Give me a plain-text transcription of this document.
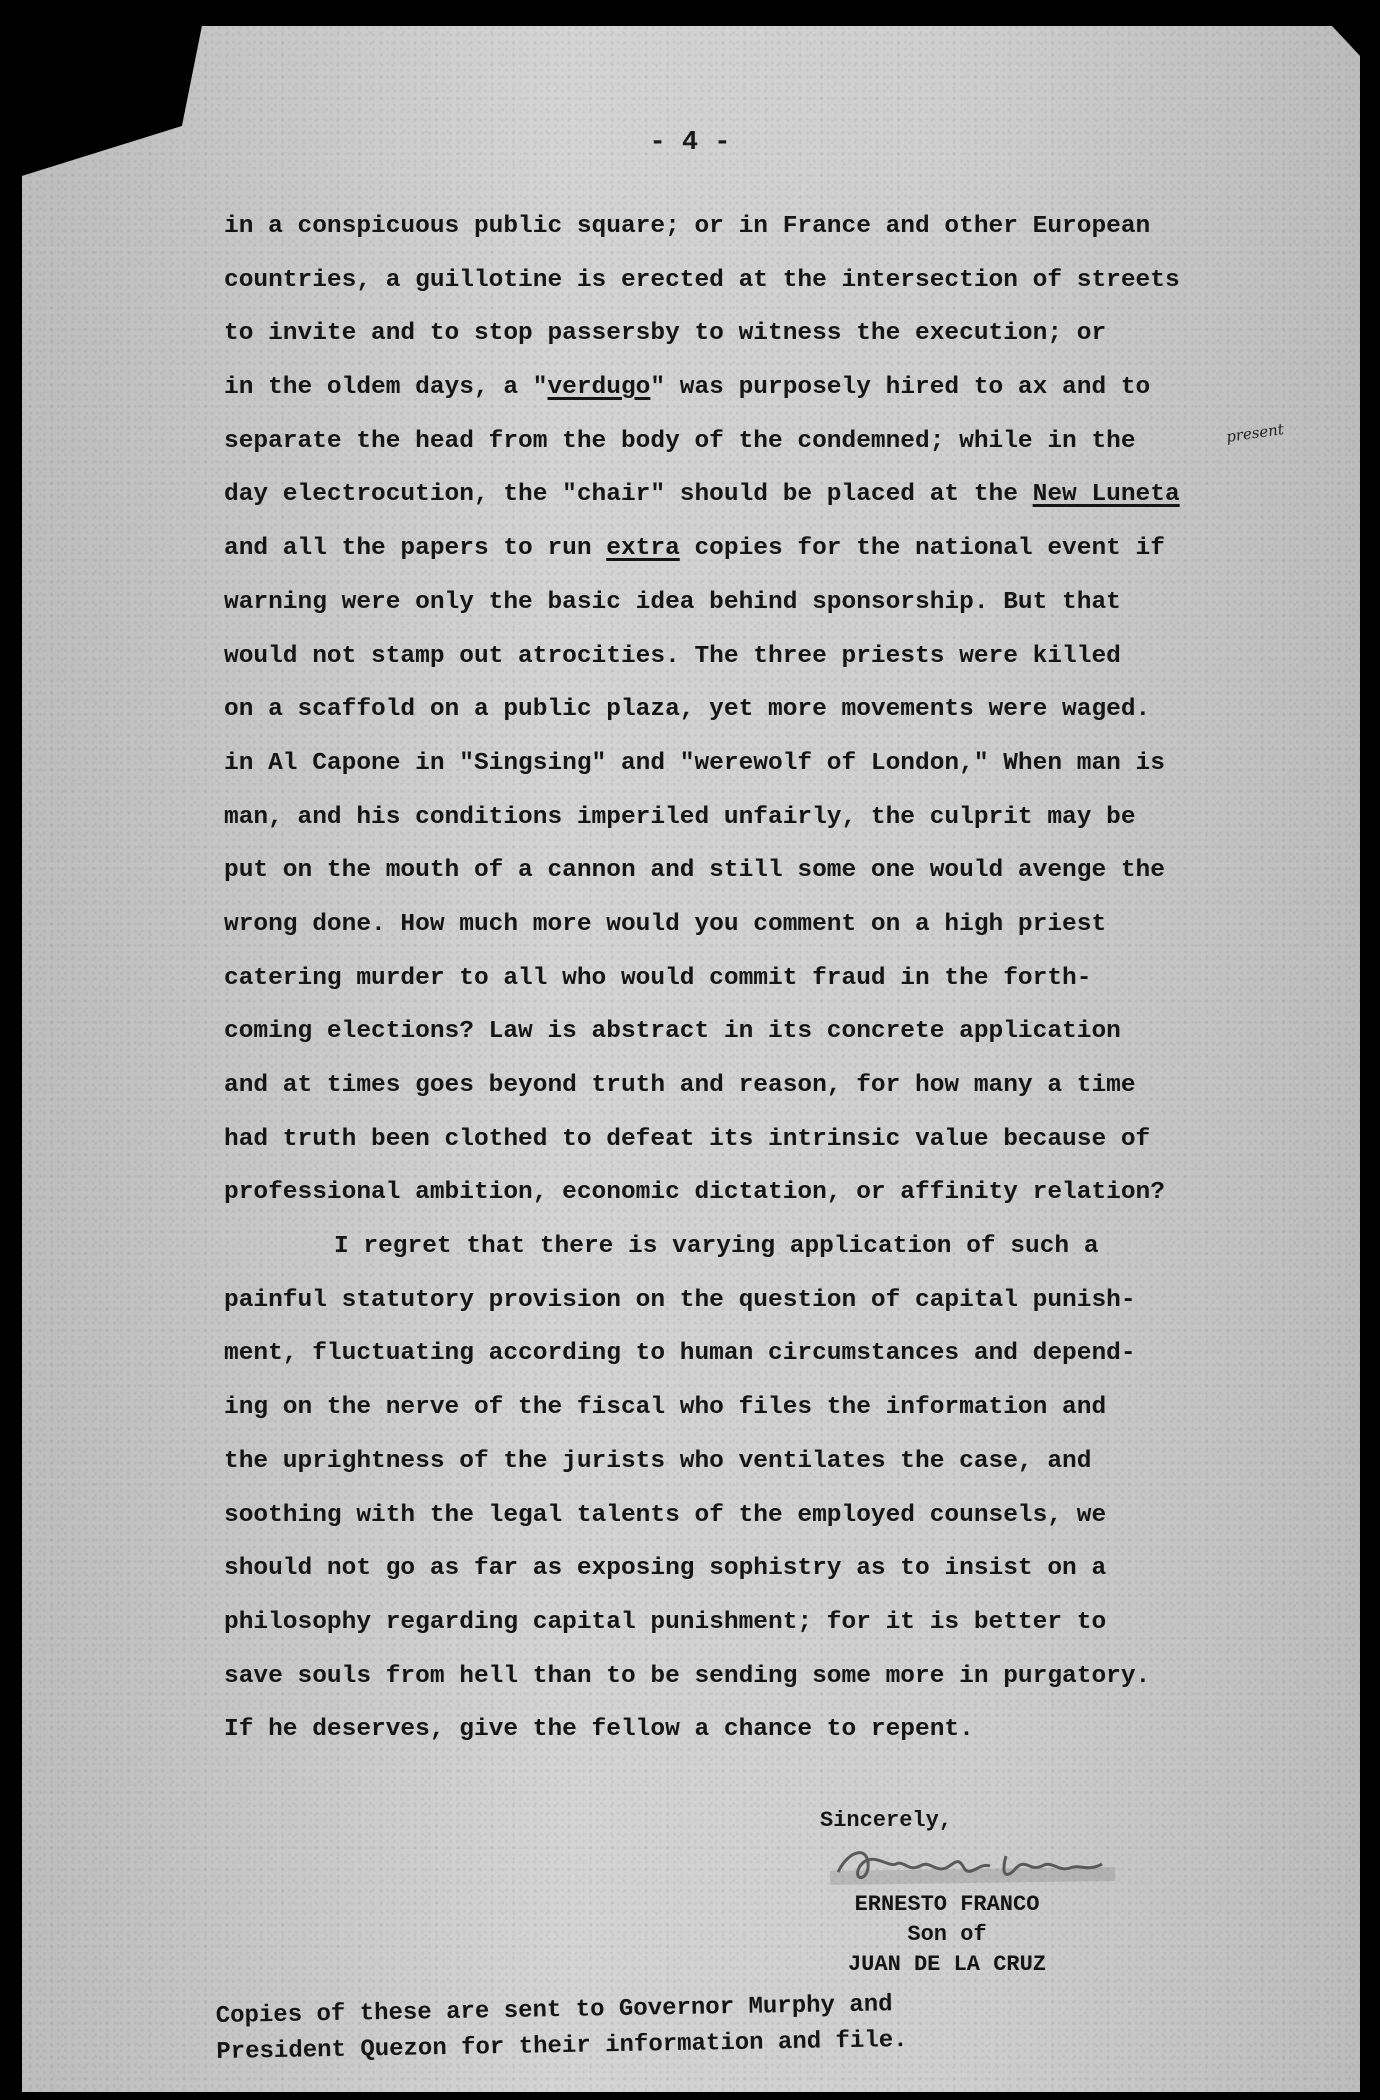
- 4 -
present
in a conspicuous public square; or in France and other European
countries, a guillotine is erected at the intersection of streets
to invite and to stop passersby to witness the execution; or
in the oldem days, a "verdugo" was purposely hired to ax and to
separate the head from the body of the condemned; while in the
day electrocution, the "chair" should be placed at the New Luneta
and all the papers to run extra copies for the national event if
warning were only the basic idea behind sponsorship. But that
would not stamp out atrocities. The three priests were killed
on a scaffold on a public plaza, yet more movements were waged.
in Al Capone in "Singsing" and "werewolf of London," When man is
man, and his conditions imperiled unfairly, the culprit may be
put on the mouth of a cannon and still some one would avenge the
wrong done. How much more would you comment on a high priest
catering murder to all who would commit fraud in the forth-
coming elections? Law is abstract in its concrete application
and at times goes beyond truth and reason, for how many a time
had truth been clothed to defeat its intrinsic value because of
professional ambition, economic dictation, or affinity relation?
I regret that there is varying application of such a
painful statutory provision on the question of capital punish-
ment, fluctuating according to human circumstances and depend-
ing on the nerve of the fiscal who files the information and
the uprightness of the jurists who ventilates the case, and
soothing with the legal talents of the employed counsels, we
should not go as far as exposing sophistry as to insist on a
philosophy regarding capital punishment; for it is better to
save souls from hell than to be sending some more in purgatory.
If he deserves, give the fellow a chance to repent.
Sincerely,
ERNESTO FRANCO
Son of
JUAN DE LA CRUZ
Copies of these are sent to Governor Murphy and
President Quezon for their information and file.
